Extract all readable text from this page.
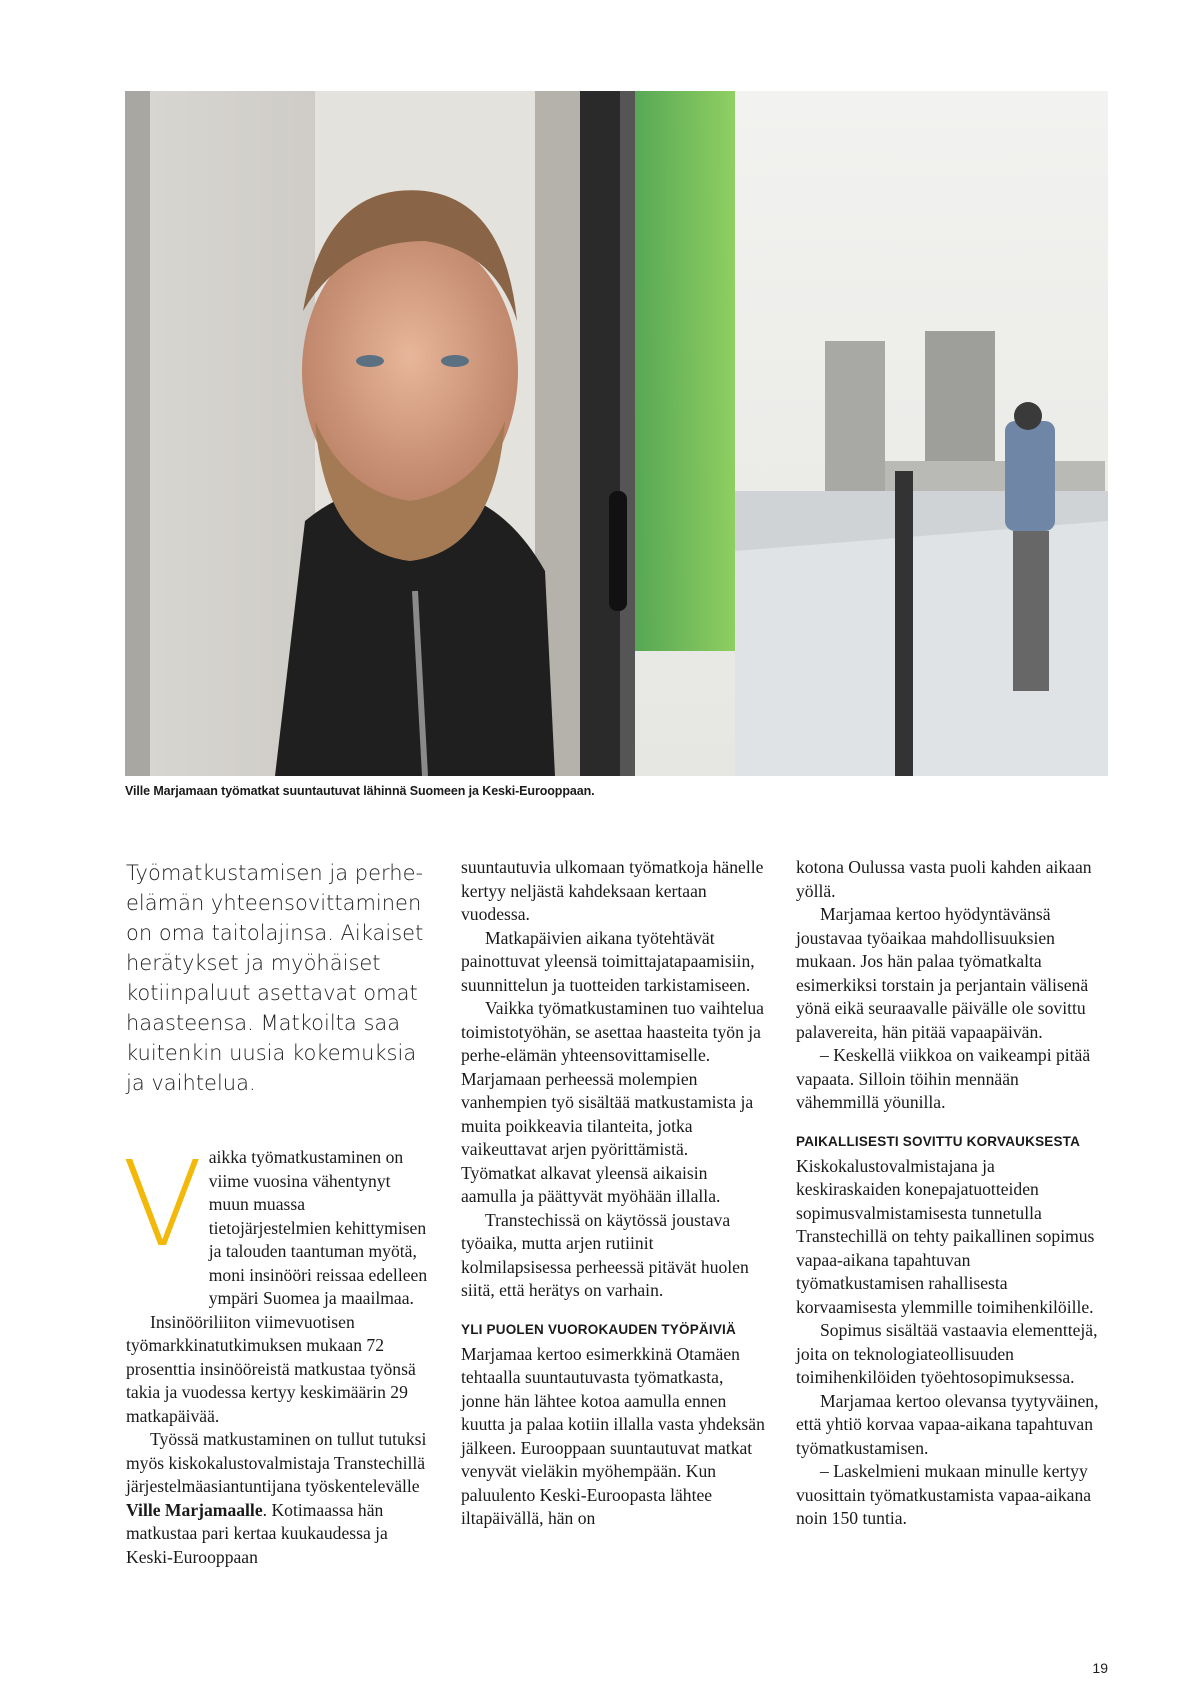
Ville Marjamaan työmatkat suuntautuvat lähinnä Suomeen ja Keski-Eurooppaan.

Työmatkustamisen ja perhe-elämän yhteensovittaminen on oma taitolajinsa. Aikaiset herätykset ja myöhäiset kotiinpaluut asettavat omat haasteensa. Matkoilta saa kuitenkin uusia kokemuksia ja vaihtelua.

V aikka työmatkustaminen on viime vuosina vähentynyt muun muassa tietojärjestelmien kehittymisen ja talouden taantuman myötä, moni insinööri reissaa edelleen ympäri Suomea ja maailmaa.

Insinööriliiton viimevuotisen työmarkkinatutkimuksen mukaan 72 prosenttia insinööreistä matkustaa työnsä takia ja vuodessa kertyy keskimäärin 29 matkapäivää.

Työssä matkustaminen on tullut tutuksi myös kiskokalustovalmistaja Transtechillä järjestelmäasiantuntijana työskentelevälle Ville Marjamaalle. Kotimaassa hän matkustaa pari kertaa kuukaudessa ja Keski-Eurooppaan

suuntautuvia ulkomaan työmatkoja hänelle kertyy neljästä kahdeksaan kertaan vuodessa.

Matkapäivien aikana työtehtävät painottuvat yleensä toimittajatapaamisiin, suunnittelun ja tuotteiden tarkistamiseen.

Vaikka työmatkustaminen tuo vaihtelua toimistotyöhän, se asettaa haasteita työn ja perhe-elämän yhteensovittamiselle. Marjamaan perheessä molempien vanhempien työ sisältää matkustamista ja muita poikkeavia tilanteita, jotka vaikeuttavat arjen pyörittämistä. Työmatkat alkavat yleensä aikaisin aamulla ja päättyvät myöhään illalla.

Transtechissä on käytössä joustava työaika, mutta arjen rutiinit kolmilapsisessa perheessä pitävät huolen siitä, että herätys on varhain.

YLI PUOLEN VUOROKAUDEN TYÖPÄIVIÄ

Marjamaa kertoo esimerkkinä Otamäen tehtaalla suuntautuvasta työmatkasta, jonne hän lähtee kotoa aamulla ennen kuutta ja palaa kotiin illalla vasta yhdeksän jälkeen. Eurooppaan suuntautuvat matkat venyvät vieläkin myöhempään. Kun paluulento Keski-Euroopasta lähtee iltapäivällä, hän on

kotona Oulussa vasta puoli kahden aikaan yöllä.

Marjamaa kertoo hyödyntävänsä joustavaa työaikaa mahdollisuuksien mukaan. Jos hän palaa työmatkalta esimerkiksi torstain ja perjantain välisenä yönä eikä seuraavalle päivälle ole sovittu palavereita, hän pitää vapaapäivän.

– Keskellä viikkoa on vaikeampi pitää vapaata. Silloin töihin mennään vähemmillä yöunilla.

PAIKALLISESTI SOVITTU KORVAUKSESTA

Kiskokalustovalmistajana ja keskiraskaiden konepajatuotteiden sopimusvalmistamisesta tunnetulla Transtechillä on tehty paikallinen sopimus vapaa-aikana tapahtuvan työmatkustamisen rahallisesta korvaamisesta ylemmille toimihenkilöille.

Sopimus sisältää vastaavia elementtejä, joita on teknologiateollisuuden toimihenkilöiden työehtosopimuksessa.

Marjamaa kertoo olevansa tyytyväinen, että yhtiö korvaa vapaa-aikana tapahtuvan työmatkustamisen.

– Laskelmieni mukaan minulle kertyy vuosittain työmatkustamista vapaa-aikana noin 150 tuntia.

19
